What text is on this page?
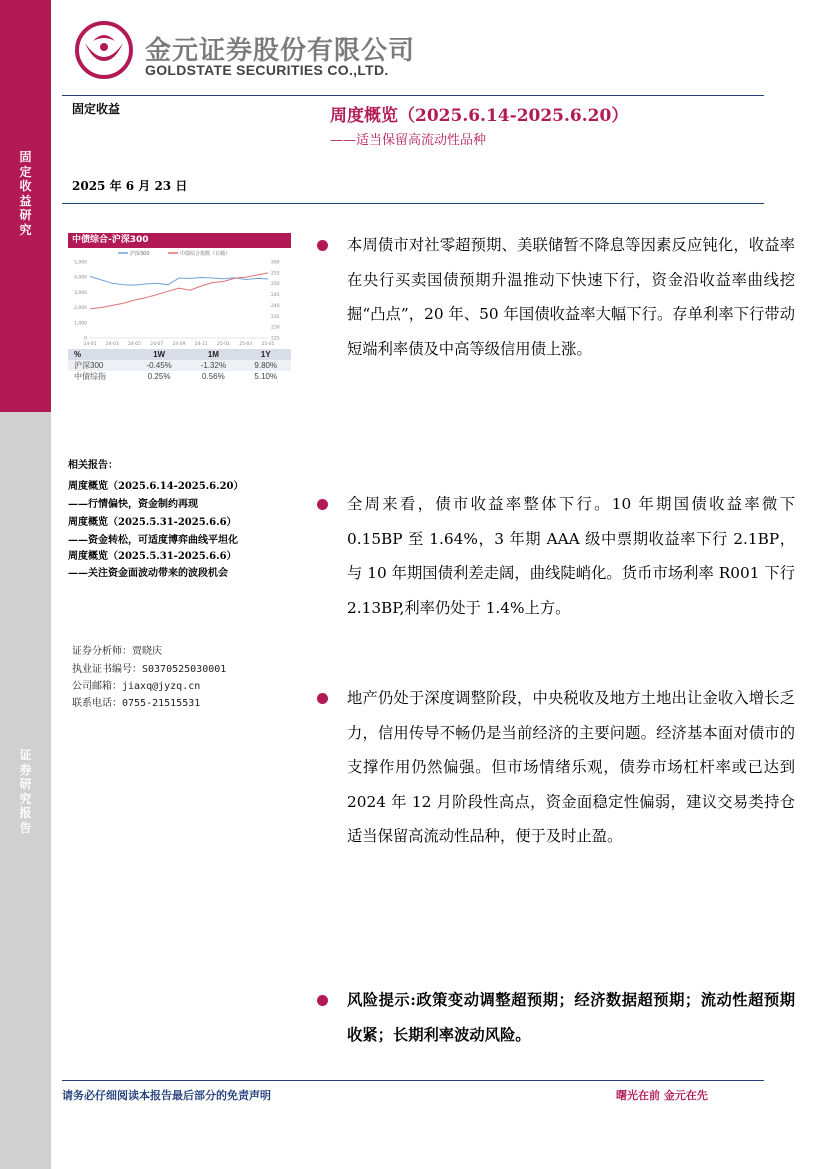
固
定
收
益
研
究
证
券
研
究
报
告
金元证券股份有限公司
GOLDSTATE SECURITIES CO.,LTD.
固定收益
2025 年 6 月 23 日
周度概览（2025.6.14-2025.6.20）
——适当保留高流动性品种
中债综合-沪深300
沪深300	中债综合指数（右轴）
0
1,000
2,000
3,000
4,000
5,000
225
230
235
240
245
250
255
260
24-01 24-03 24-05 24-07 24-09 24-11 25-01 25-03 25-05
%	1W	1M	1Y
沪深300	-0.45%	-1.32%	9.80%
中债综指	0.25%	0.56%	5.10%
相关报告：
周度概览（2025.6.14-2025.6.20）
——行情偏快，资金制约再现
周度概览（2025.5.31-2025.6.6）
——资金转松，可适度博弈曲线平坦化
周度概览（2025.5.31-2025.6.6）
——关注资金面波动带来的波段机会
证券分析师：贾晓庆
执业证书编号：S0370525030001
公司邮箱：jiaxq@jyzq.cn
联系电话：0755-21515531
本周债市对社零超预期、美联储暂不降息等因素反应钝化，收益率在央行买卖国债预期升温推动下快速下行，资金沿收益率曲线挖掘“凸点”，20 年、50 年国债收益率大幅下行。存单利率下行带动短端利率债及中高等级信用债上涨。
全周来看，债市收益率整体下行。10 年期国债收益率微下 0.15BP 至 1.64%，3 年期 AAA 级中票期收益率下行 2.1BP，与 10 年期国债利差走阔，曲线陡峭化。货币市场利率 R001 下行 2.13BP,利率仍处于 1.4%上方。
地产仍处于深度调整阶段，中央税收及地方土地出让金收入增长乏力，信用传导不畅仍是当前经济的主要问题。经济基本面对债市的支撑作用仍然偏强。但市场情绪乐观，债券市场杠杆率或已达到 2024 年 12 月阶段性高点，资金面稳定性偏弱，建议交易类持仓适当保留高流动性品种，便于及时止盈。
风险提示:政策变动调整超预期；经济数据超预期；流动性超预期收紧；长期利率波动风险。
请务必仔细阅读本报告最后部分的免责声明	曙光在前 金元在先
